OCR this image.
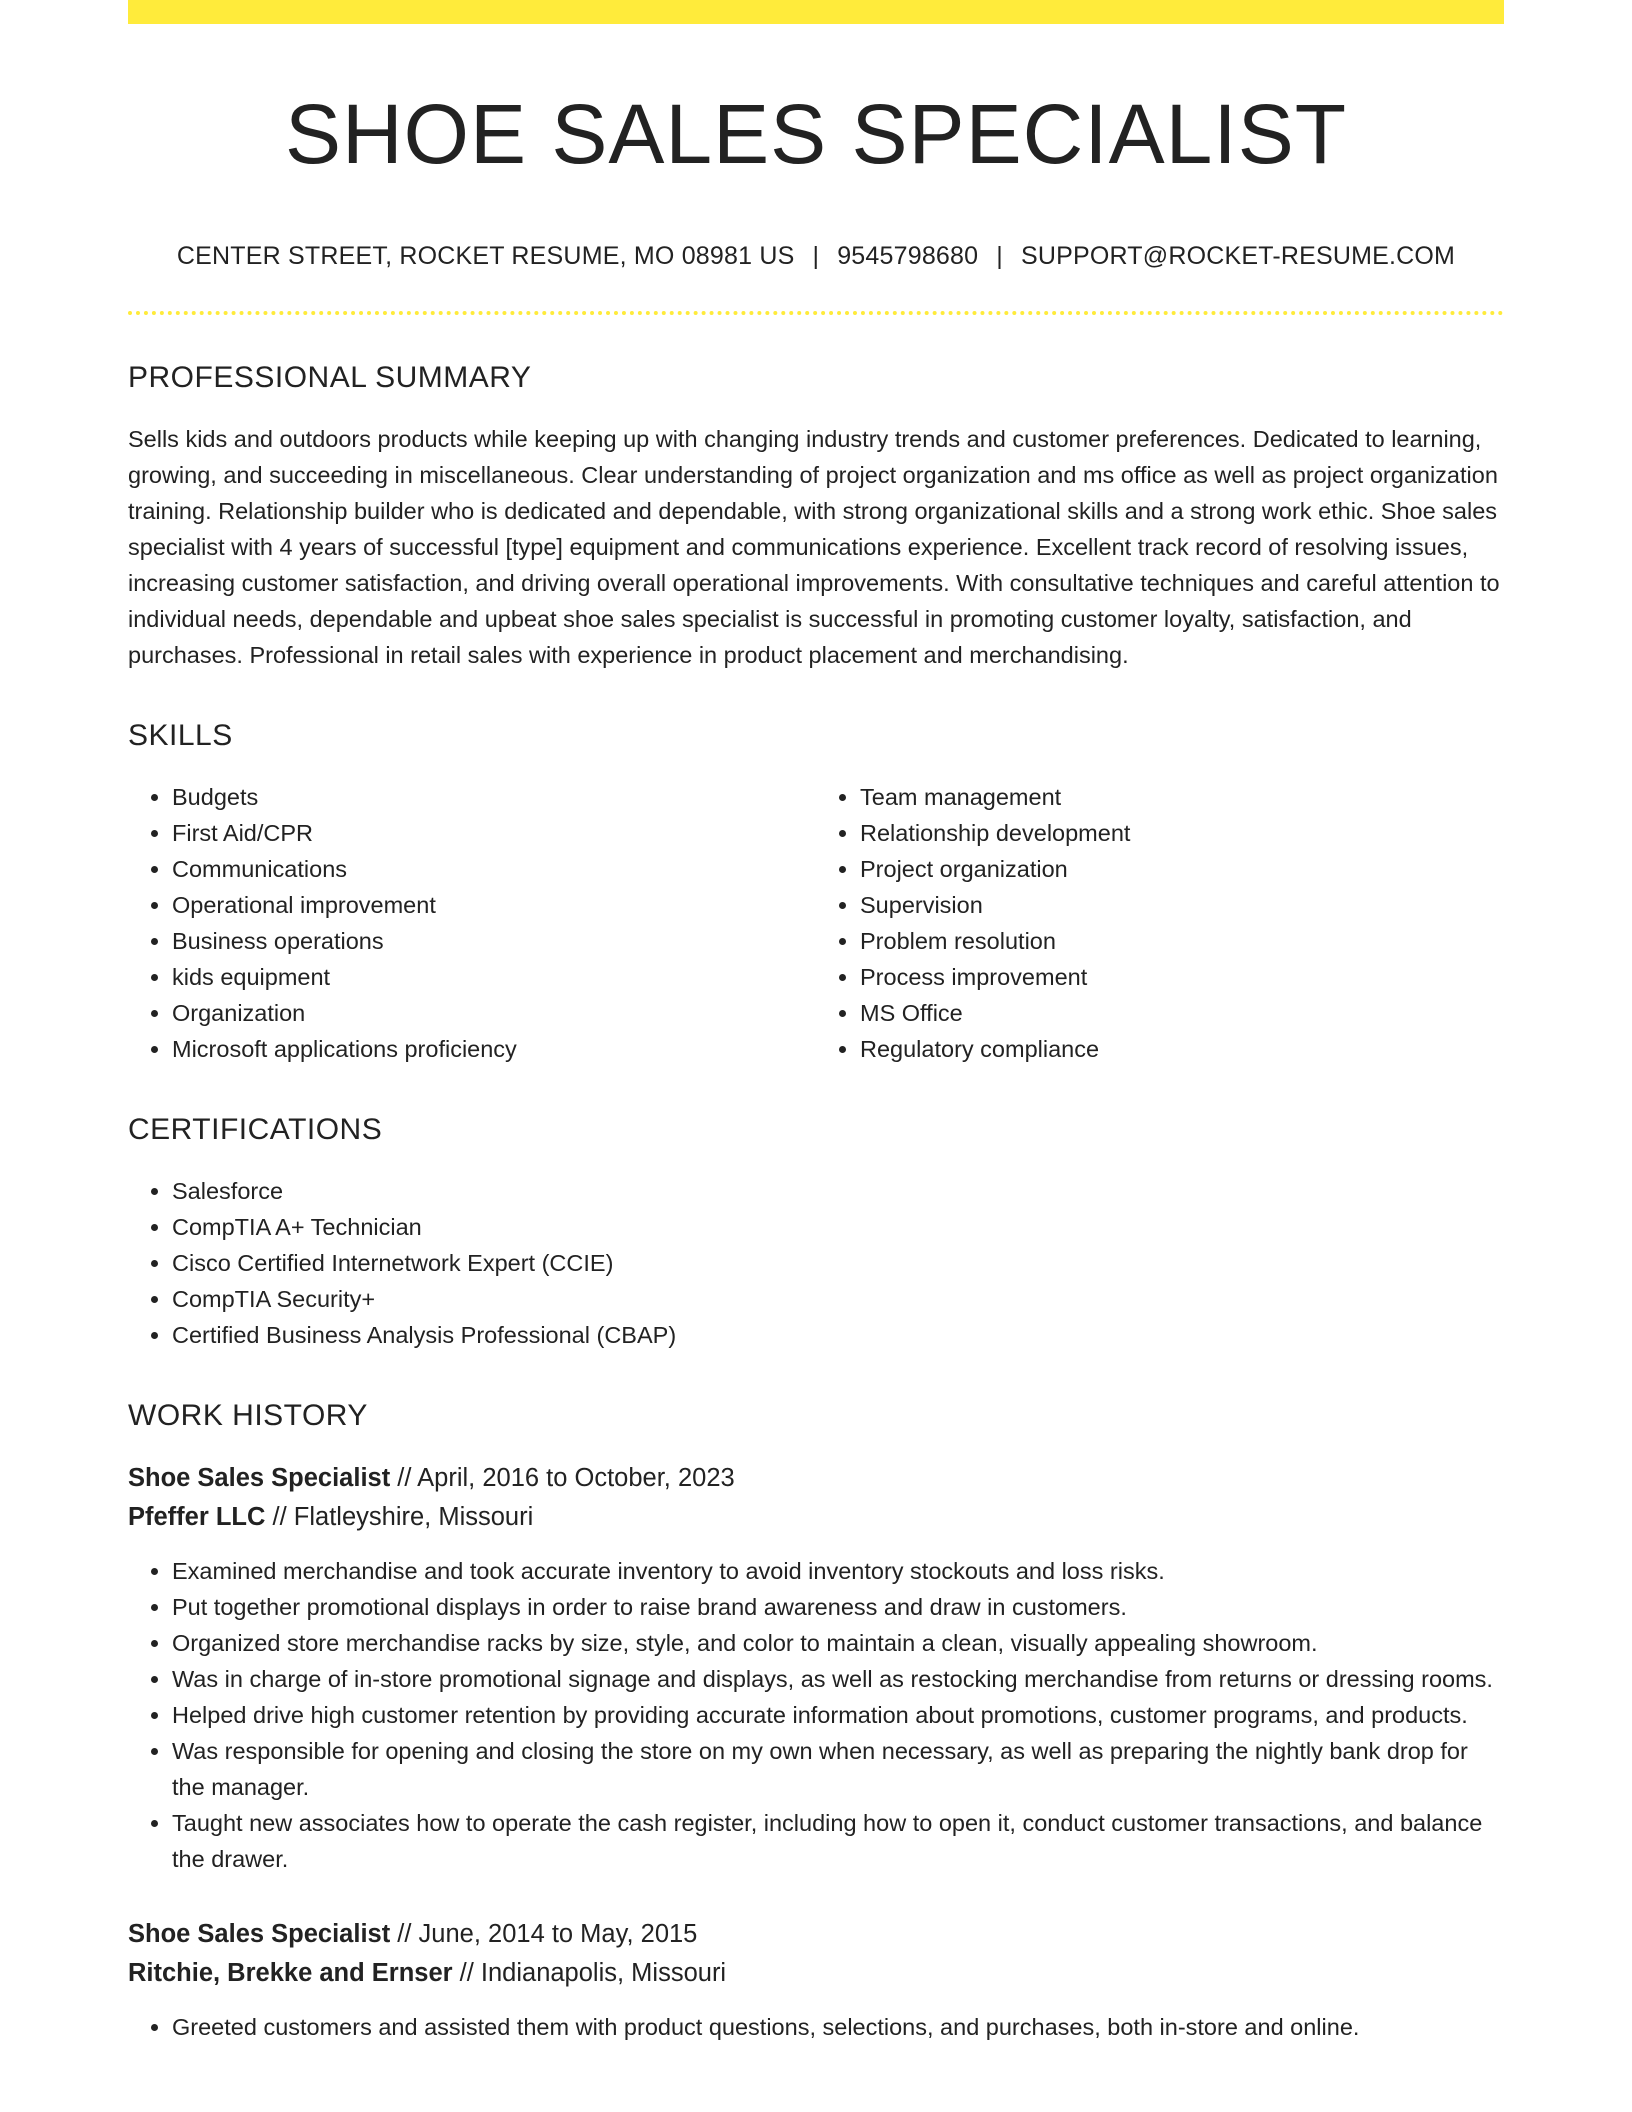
SHOE SALES SPECIALIST
CENTER STREET, ROCKET RESUME, MO 08981 US | 9545798680 | SUPPORT@ROCKET-RESUME.COM
PROFESSIONAL SUMMARY

Sells kids and outdoors products while keeping up with changing industry trends and customer preferences. Dedicated to learning, growing, and succeeding in miscellaneous. Clear understanding of project organization and ms office as well as project organization training. Relationship builder who is dedicated and dependable, with strong organizational skills and a strong work ethic. Shoe sales specialist with 4 years of successful [type] equipment and communications experience. Excellent track record of resolving issues, increasing customer satisfaction, and driving overall operational improvements. With consultative techniques and careful attention to individual needs, dependable and upbeat shoe sales specialist is successful in promoting customer loyalty, satisfaction, and purchases. Professional in retail sales with experience in product placement and merchandising.

SKILLS
• Budgets
• First Aid/CPR
• Communications
• Operational improvement
• Business operations
• kids equipment
• Organization
• Microsoft applications proficiency
• Team management
• Relationship development
• Project organization
• Supervision
• Problem resolution
• Process improvement
• MS Office
• Regulatory compliance
CERTIFICATIONS
• Salesforce
• CompTIA A+ Technician
• Cisco Certified Internetwork Expert (CCIE)
• CompTIA Security+
• Certified Business Analysis Professional (CBAP)
WORK HISTORY
Shoe Sales Specialist // April, 2016 to October, 2023
Pfeffer LLC // Flatleyshire, Missouri
• Examined merchandise and took accurate inventory to avoid inventory stockouts and loss risks.
• Put together promotional displays in order to raise brand awareness and draw in customers.
• Organized store merchandise racks by size, style, and color to maintain a clean, visually appealing showroom.
• Was in charge of in-store promotional signage and displays, as well as restocking merchandise from returns or dressing rooms.
• Helped drive high customer retention by providing accurate information about promotions, customer programs, and products.
• Was responsible for opening and closing the store on my own when necessary, as well as preparing the nightly bank drop for the manager.
• Taught new associates how to operate the cash register, including how to open it, conduct customer transactions, and balance the drawer.
Shoe Sales Specialist // June, 2014 to May, 2015
Ritchie, Brekke and Ernser // Indianapolis, Missouri
• Greeted customers and assisted them with product questions, selections, and purchases, both in-store and online.
